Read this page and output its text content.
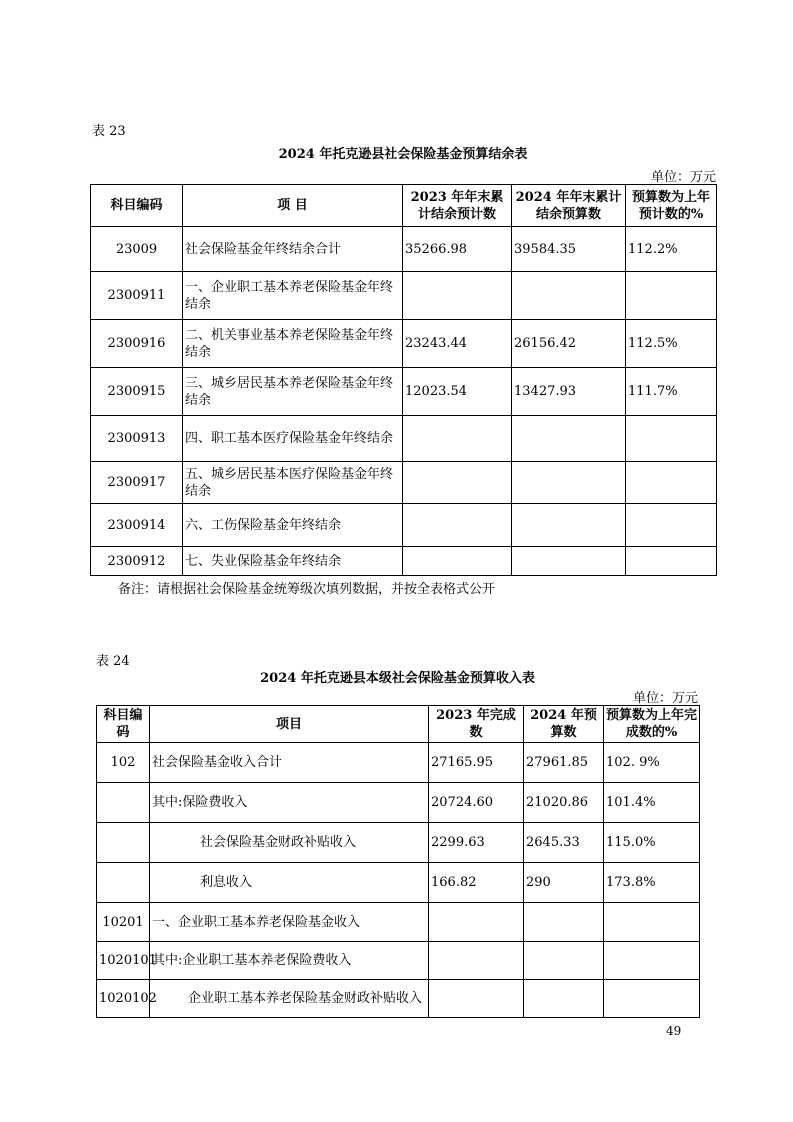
表 23
2024 年托克逊县社会保险基金预算结余表
单位：万元
科目编码	项 目	2023 年年末累计结余预计数	2024 年年末累计结余预算数	预算数为上年预计数的%
23009	社会保险基金年终结余合计	35266.98	39584.35	112.2%
2300911	一、企业职工基本养老保险基金年终结余			
2300916	二、机关事业基本养老保险基金年终结余	23243.44	26156.42	112.5%
2300915	三、城乡居民基本养老保险基金年终结余	12023.54	13427.93	111.7%
2300913	四、职工基本医疗保险基金年终结余			
2300917	五、城乡居民基本医疗保险基金年终结余			
2300914	六、工伤保险基金年终结余			
2300912	七、失业保险基金年终结余			
备注：请根据社会保险基金统筹级次填列数据，并按全表格式公开
表 24
2024 年托克逊县本级社会保险基金预算收入表
单位：万元
科目编码	项目	2023 年完成数	2024 年预算数	预算数为上年完成数的%
102	社会保险基金收入合计	27165.95	27961.85	102. 9%
	其中:保险费收入	20724.60	21020.86	101.4%
	社会保险基金财政补贴收入	2299.63	2645.33	115.0%
	利息收入	166.82	290	173.8%
10201	一、企业职工基本养老保险基金收入			
1020101	其中:企业职工基本养老保险费收入			
1020102	企业职工基本养老保险基金财政补贴收入			
49
